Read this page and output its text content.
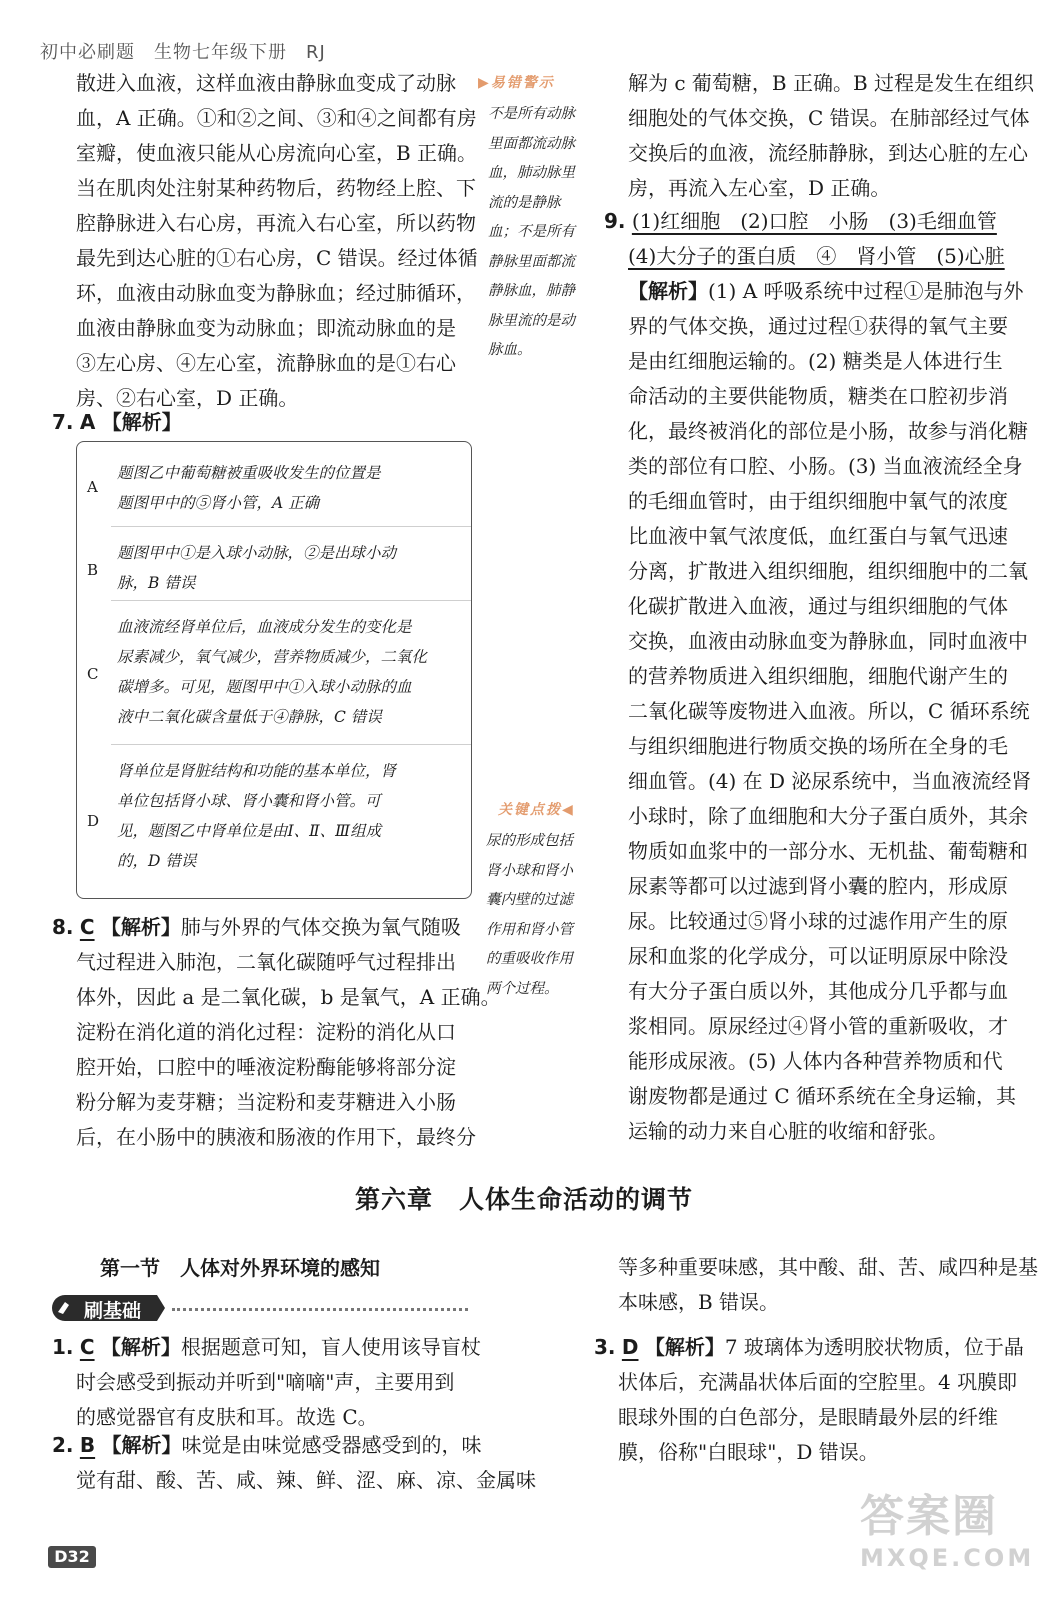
初中必刷题　生物七年级下册　RJ

散进入血液，这样血液由静脉血变成了动脉

血，A 正确。①和②之间、③和④之间都有房

室瓣，使血液只能从心房流向心室，B 正确。

当在肌肉处注射某种药物后，药物经上腔、下

腔静脉进入右心房，再流入右心室，所以药物

最先到达心脏的①右心房，C 错误。经过体循

环，血液由动脉血变为静脉血；经过肺循环，

血液由静脉血变为动脉血；即流动脉血的是

③左心房、④左心室，流静脉血的是①右心

房、②右心室，D 正确。

7. A 【解析】
▶易错警示

不是所有动脉

里面都流动脉

血，肺动脉里

流的是静脉

血；不是所有

静脉里面都流

静脉血，肺静

脉里流的是动

脉血。

A

题图乙中葡萄糖被重吸收发生的位置是

题图甲中的⑤肾小管，A 正确

B

题图甲中①是入球小动脉，②是出球小动

脉，B 错误

C

血液流经肾单位后，血液成分发生的变化是

尿素减少，氧气减少，营养物质减少，二氧化

碳增多。可见，题图甲中①入球小动脉的血

液中二氧化碳含量低于④静脉，C 错误

D

肾单位是肾脏结构和功能的基本单位，肾

单位包括肾小球、肾小囊和肾小管。可

见，题图乙中肾单位是由Ⅰ、Ⅱ、Ⅲ组成

的，D 错误

关键点拨◀

尿的形成包括

肾小球和肾小

囊内壁的过滤

作用和肾小管

的重吸收作用

两个过程。

8. C 【解析】肺与外界的气体交换为氧气随吸

气过程进入肺泡，二氧化碳随呼气过程排出

体外，因此 a 是二氧化碳，b 是氧气，A 正确。

淀粉在消化道的消化过程：淀粉的消化从口

腔开始，口腔中的唾液淀粉酶能够将部分淀

粉分解为麦芽糖；当淀粉和麦芽糖进入小肠

后，在小肠中的胰液和肠液的作用下，最终分

解为 c 葡萄糖，B 正确。B 过程是发生在组织

细胞处的气体交换，C 错误。在肺部经过气体

交换后的血液，流经肺静脉，到达心脏的左心

房，再流入左心室，D 正确。

9. (1)红细胞　(2)口腔　小肠　(3)毛细血管

(4)大分子的蛋白质　④　肾小管　(5)心脏

【解析】(1) A 呼吸系统中过程①是肺泡与外

界的气体交换，通过过程①获得的氧气主要

是由红细胞运输的。(2) 糖类是人体进行生

命活动的主要供能物质，糖类在口腔初步消

化，最终被消化的部位是小肠，故参与消化糖

类的部位有口腔、小肠。(3) 当血液流经全身

的毛细血管时，由于组织细胞中氧气的浓度

比血液中氧气浓度低，血红蛋白与氧气迅速

分离，扩散进入组织细胞，组织细胞中的二氧

化碳扩散进入血液，通过与组织细胞的气体

交换，血液由动脉血变为静脉血，同时血液中

的营养物质进入组织细胞，细胞代谢产生的

二氧化碳等废物进入血液。所以，C 循环系统

与组织细胞进行物质交换的场所在全身的毛

细血管。(4) 在 D 泌尿系统中，当血液流经肾

小球时，除了血细胞和大分子蛋白质外，其余

物质如血浆中的一部分水、无机盐、葡萄糖和

尿素等都可以过滤到肾小囊的腔内，形成原

尿。比较通过⑤肾小球的过滤作用产生的原

尿和血浆的化学成分，可以证明原尿中除没

有大分子蛋白质以外，其他成分几乎都与血

浆相同。原尿经过④肾小管的重新吸收，才

能形成尿液。(5) 人体内各种营养物质和代

谢废物都是通过 C 循环系统在全身运输，其

运输的动力来自心脏的收缩和舒张。

第六章　人体生命活动的调节
第一节　人体对外界环境的感知
刷基础

1. C 【解析】根据题意可知，盲人使用该导盲杖

时会感受到振动并听到"嘀嘀"声，主要用到

的感觉器官有皮肤和耳。故选 C。

2. B 【解析】味觉是由味觉感受器感受到的，味

觉有甜、酸、苦、咸、辣、鲜、涩、麻、凉、金属味

等多种重要味感，其中酸、甜、苦、咸四种是基

本味感，B 错误。

3. D 【解析】7 玻璃体为透明胶状物质，位于晶

状体后，充满晶状体后面的空腔里。4 巩膜即

眼球外围的白色部分，是眼睛最外层的纤维

膜，俗称"白眼球"，D 错误。

D32
答案圈
MXQE.COM
